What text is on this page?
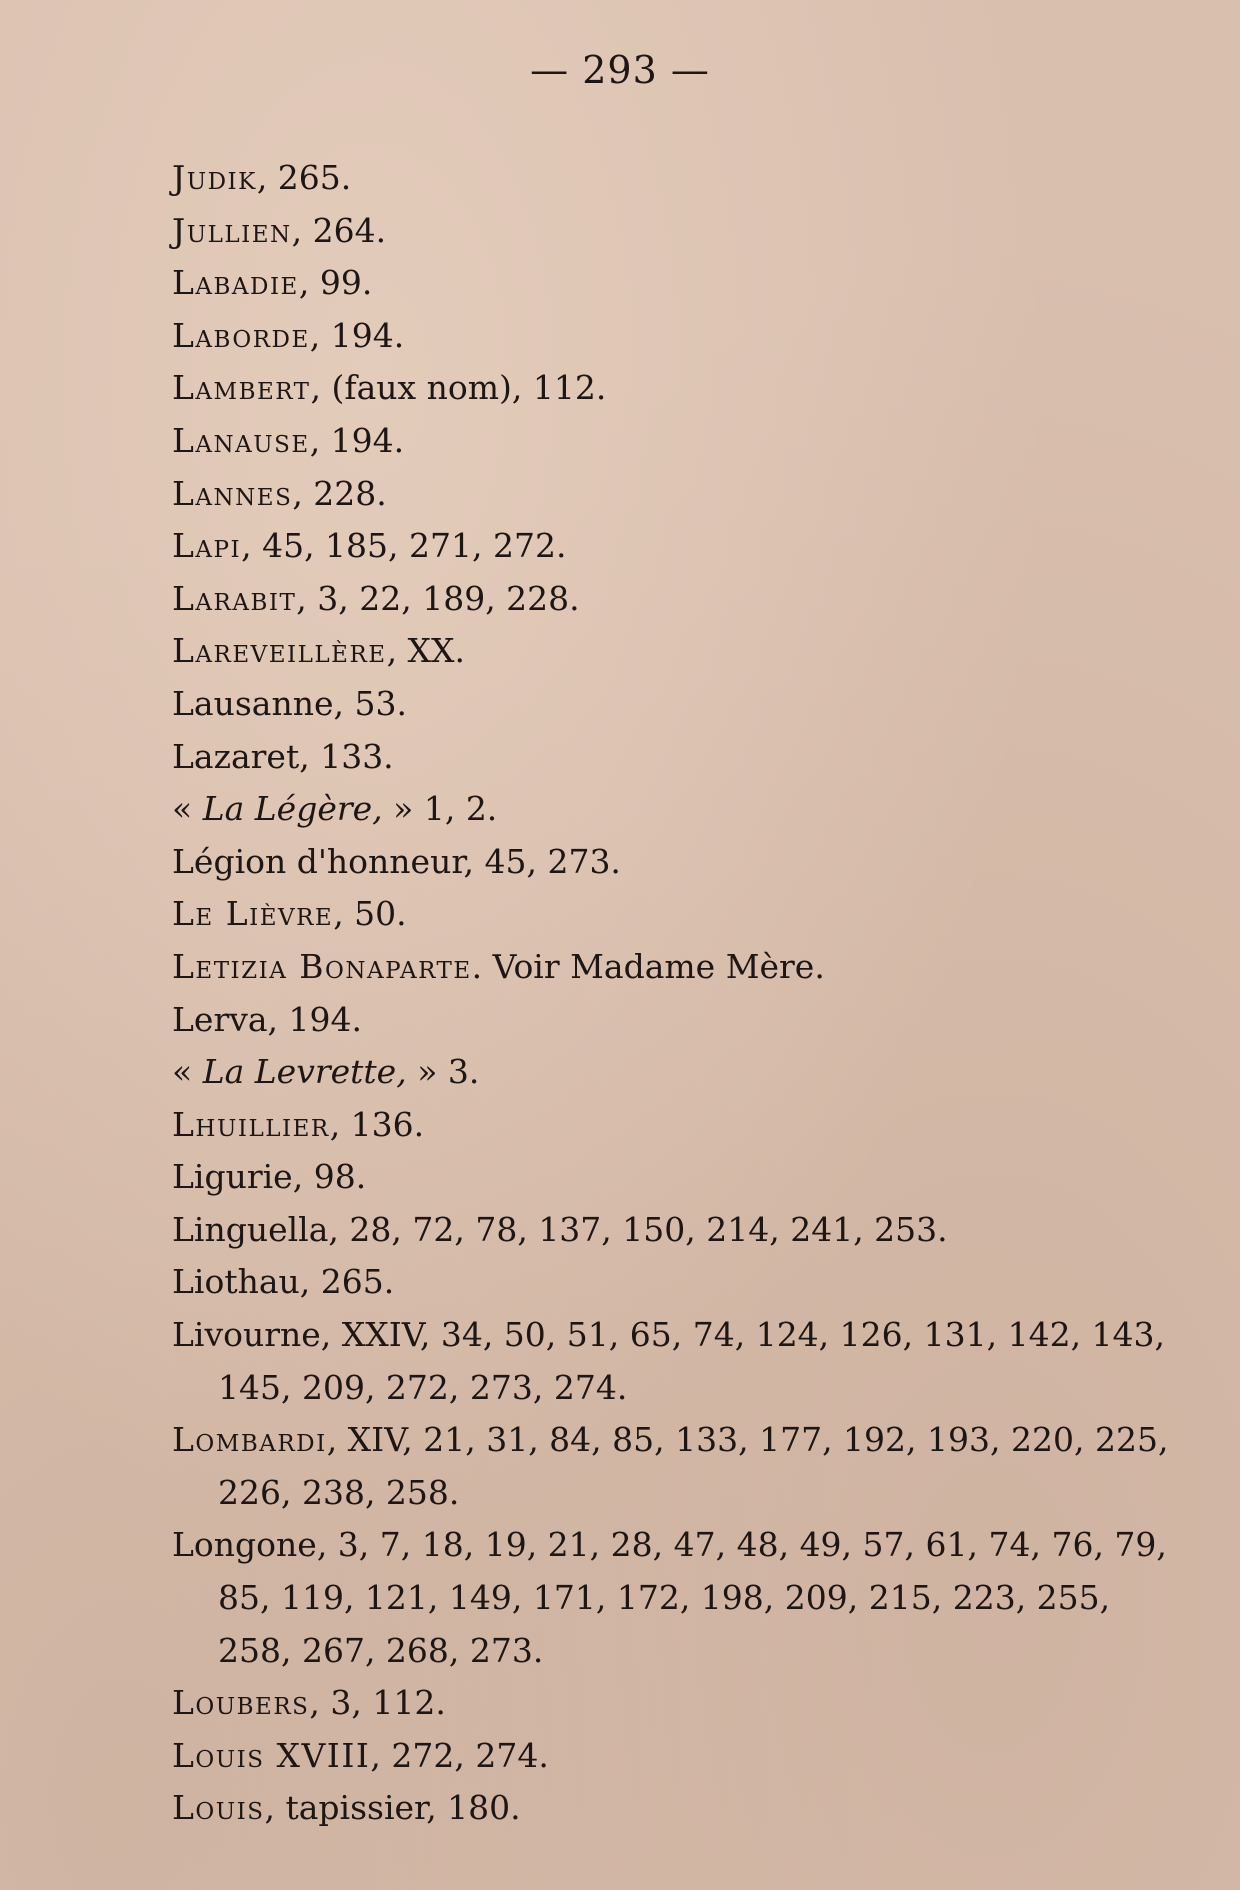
— 293 —
Judik, 265.
Jullien, 264.
Labadie, 99.
Laborde, 194.
Lambert, (faux nom), 112.
Lanause, 194.
Lannes, 228.
Lapi, 45, 185, 271, 272.
Larabit, 3, 22, 189, 228.
Lareveillère, XX.
Lausanne, 53.
Lazaret, 133.
« La Légère, » 1, 2.
Légion d'honneur, 45, 273.
Le Lièvre, 50.
Letizia Bonaparte. Voir Madame Mère.
Lerva, 194.
« La Levrette, » 3.
Lhuillier, 136.
Ligurie, 98.
Linguella, 28, 72, 78, 137, 150, 214, 241, 253.
Liothau, 265.
Livourne, XXIV, 34, 50, 51, 65, 74, 124, 126, 131, 142, 143, 145, 209, 272, 273, 274.
Lombardi, XIV, 21, 31, 84, 85, 133, 177, 192, 193, 220, 225, 226, 238, 258.
Longone, 3, 7, 18, 19, 21, 28, 47, 48, 49, 57, 61, 74, 76, 79, 85, 119, 121, 149, 171, 172, 198, 209, 215, 223, 255, 258, 267, 268, 273.
Loubers, 3, 112.
Louis XVIII, 272, 274.
Louis, tapissier, 180.
